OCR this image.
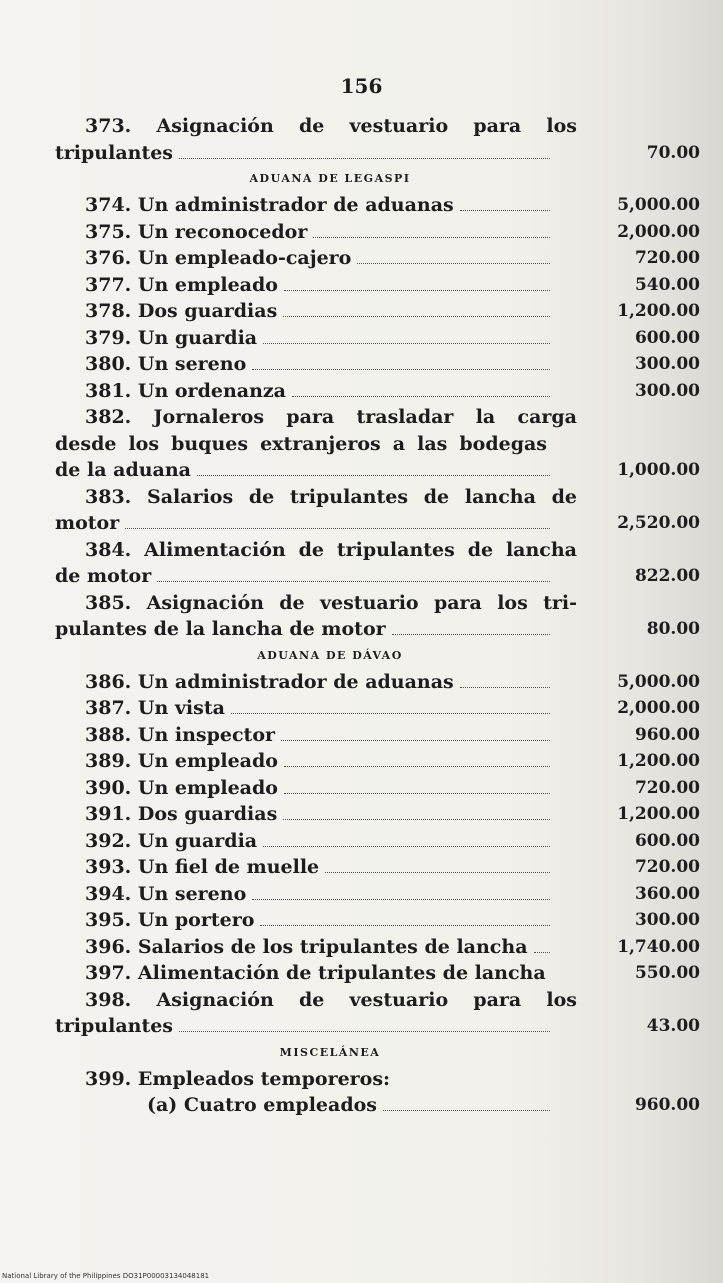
156
373. Asignación de vestuario para los
tripulantes	70.00
ADUANA DE LEGASPI
374. Un administrador de aduanas	5,000.00
375. Un reconocedor	2,000.00
376. Un empleado-cajero	720.00
377. Un empleado	540.00
378. Dos guardias	1,200.00
379. Un guardia	600.00
380. Un sereno	300.00
381. Un ordenanza	300.00
382. Jornaleros para trasladar la carga
desde los buques extranjeros a las bodegas
de la aduana	1,000.00
383. Salarios de tripulantes de lancha de
motor	2,520.00
384. Alimentación de tripulantes de lancha
de motor	822.00
385. Asignación de vestuario para los tri-
pulantes de la lancha de motor	80.00
ADUANA DE DÁVAO
386. Un administrador de aduanas	5,000.00
387. Un vista	2,000.00
388. Un inspector	960.00
389. Un empleado	1,200.00
390. Un empleado	720.00
391. Dos guardias	1,200.00
392. Un guardia	600.00
393. Un fiel de muelle	720.00
394. Un sereno	360.00
395. Un portero	300.00
396. Salarios de los tripulantes de lancha	1,740.00
397. Alimentación de tripulantes de lancha	550.00
398. Asignación de vestuario para los
tripulantes	43.00
MISCELÁNEA
399. Empleados temporeros:
(a) Cuatro empleados	960.00
National Library of the Philippines DO31P00003134048181
